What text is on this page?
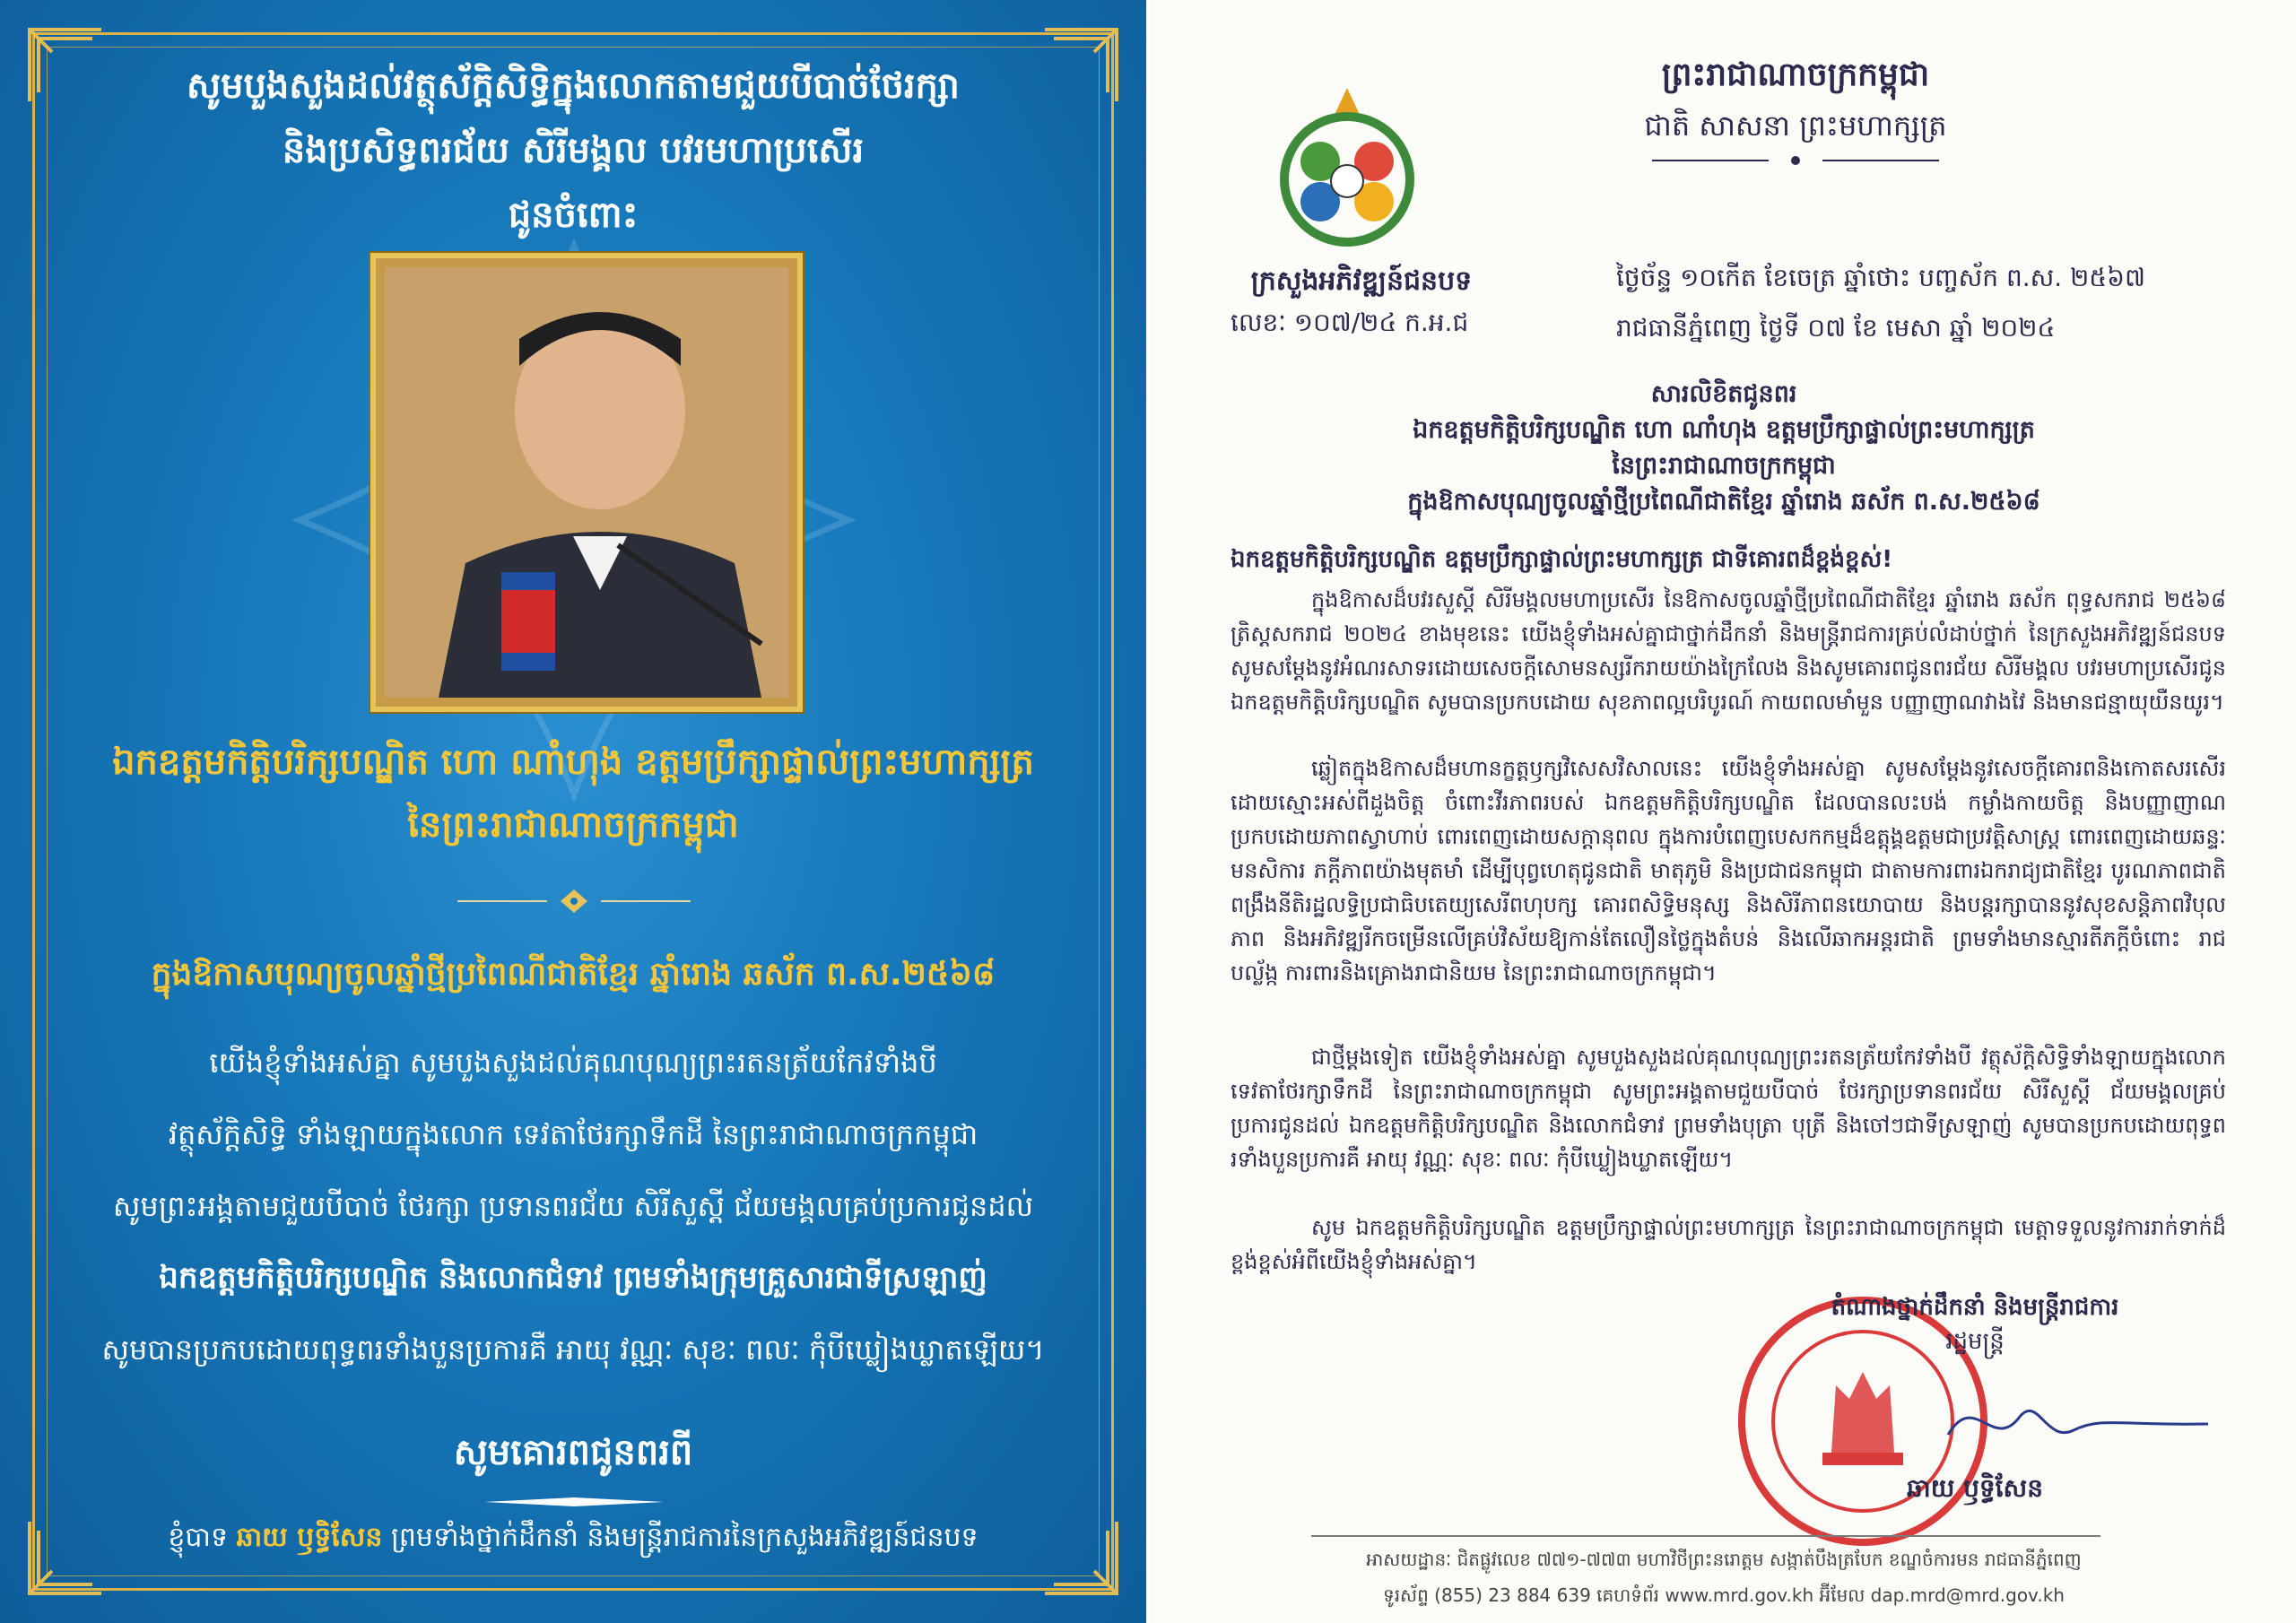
សូមបួងសួងដល់វត្ថុស័ក្តិសិទ្ធិក្នុងលោកតាមជួយបីបាច់ថែរក្សា
និងប្រសិទ្ធពរជ័យ សិរីមង្គល បវរមហាប្រសើរ
ជូនចំពោះ
ឯកឧត្តមកិត្តិបរិក្សបណ្ឌិត ហោ ណាំហុង ឧត្តមប្រឹក្សាផ្ទាល់ព្រះមហាក្សត្រ
នៃព្រះរាជាណាចក្រកម្ពុជា
ក្នុងឱកាសបុណ្យចូលឆ្នាំថ្មីប្រពៃណីជាតិខ្មែរ ឆ្នាំរោង ឆស័ក ព.ស.២៥៦៨
យើងខ្ញុំទាំងអស់គ្នា សូមបួងសួងដល់គុណបុណ្យព្រះរតនត្រ័យកែវទាំងបី
វត្ថុស័ក្តិសិទ្ធិ ទាំងឡាយក្នុងលោក ទេវតាថែរក្សាទឹកដី នៃព្រះរាជាណាចក្រកម្ពុជា
សូមព្រះអង្គតាមជួយបីបាច់ ថែរក្សា ប្រទានពរជ័យ សិរីសួស្តី ជ័យមង្គលគ្រប់ប្រការជូនដល់
ឯកឧត្តមកិត្តិបរិក្សបណ្ឌិត និងលោកជំទាវ ព្រមទាំងក្រុមគ្រួសារជាទីស្រឡាញ់
សូមបានប្រកបដោយពុទ្ធពរទាំងបួនប្រការគឺ អាយុ វណ្ណៈ សុខៈ ពលៈ កុំបីឃ្លៀងឃ្លាតឡើយ។
សូមគោរពជូនពរពី
ខ្ញុំបាទ ឆាយ ឫទ្ធិសែន ព្រមទាំងថ្នាក់ដឹកនាំ និងមន្ត្រីរាជការនៃក្រសួងអភិវឌ្ឍន៍ជនបទ
ព្រះរាជាណាចក្រកម្ពុជា
ជាតិ សាសនា ព្រះមហាក្សត្រ
ក្រសួងអភិវឌ្ឍន៍ជនបទ	ថ្ងៃច័ន្ទ ១០កើត ខែចេត្រ ឆ្នាំថោះ បញ្ចស័ក ព.ស. ២៥៦៧
លេខៈ ១០៧/២៤ ក.អ.ជ	រាជធានីភ្នំពេញ ថ្ងៃទី ០៧ ខែ មេសា ឆ្នាំ ២០២៤
សារលិខិតជូនពរ
ឯកឧត្តមកិត្តិបរិក្សបណ្ឌិត ហោ ណាំហុង ឧត្តមប្រឹក្សាផ្ទាល់ព្រះមហាក្សត្រ
នៃព្រះរាជាណាចក្រកម្ពុជា
ក្នុងឱកាសបុណ្យចូលឆ្នាំថ្មីប្រពៃណីជាតិខ្មែរ ឆ្នាំរោង ឆស័ក ព.ស.២៥៦៨
ឯកឧត្តមកិត្តិបរិក្សបណ្ឌិត ឧត្តមប្រឹក្សាផ្ទាល់ព្រះមហាក្សត្រ ជាទីគោរពដ៏ខ្ពង់ខ្ពស់!
ក្នុងឱកាសដ៏បវរសួស្តី សិរីមង្គលមហាប្រសើរ នៃឱកាសចូលឆ្នាំថ្មីប្រពៃណីជាតិខ្មែរ ឆ្នាំរោង ឆស័ក ពុទ្ធសករាជ ២៥៦៨ ត្រិស្ដសករាជ ២០២៤ ខាងមុខនេះ យើងខ្ញុំទាំងអស់គ្នាជាថ្នាក់ដឹកនាំ និងមន្ត្រីរាជការគ្រប់លំដាប់ថ្នាក់ នៃក្រសួងអភិវឌ្ឍន៍ជនបទ សូមសម្ដែងនូវអំណរសាទរដោយសេចក្ដីសោមនស្សរីករាយយ៉ាងក្រៃលែង និងសូមគោរពជូនពរជ័យ សិរីមង្គល បវរមហាប្រសើរជូន ឯកឧត្តមកិត្តិបរិក្សបណ្ឌិត សូមបានប្រកបដោយ សុខភាពល្អបរិបូរណ៍ កាយពលមាំមួន បញ្ញាញាណវាងវៃ និងមានជន្មាយុយឺនយូរ។
ឆ្លៀតក្នុងឱកាសដ៏មហានក្ខត្តឫក្សវិសេសវិសាលនេះ យើងខ្ញុំទាំងអស់គ្នា សូមសម្ដែងនូវសេចក្ដីគោរពនិងកោតសរសើរដោយស្មោះអស់ពីដួងចិត្ត ចំពោះវីរភាពរបស់ ឯកឧត្តមកិត្តិបរិក្សបណ្ឌិត ដែលបានលះបង់ កម្លាំងកាយចិត្ត និងបញ្ញាញាណ ប្រកបដោយភាពស្វាហាប់ ពោរពេញដោយសក្ដានុពល ក្នុងការបំពេញបេសកកម្មដ៏ឧត្ដុង្គឧត្ដមជាប្រវត្តិសាស្ត្រ ពោរពេញដោយឆន្ទៈ មនសិការ ភក្ដីភាពយ៉ាងមុតមាំ ដើម្បីបុព្វហេតុជូនជាតិ មាតុភូមិ និងប្រជាជនកម្ពុជា ជាតាមការពារឯករាជ្យជាតិខ្មែរ បូរណភាពជាតិ ពង្រឹងនីតិរដ្ឋលទ្ធិប្រជាធិបតេយ្យសេរីពហុបក្ស គោរពសិទ្ធិមនុស្ស និងសិរីភាពនយោបាយ និងបន្តរក្សាបាននូវសុខសន្តិភាពវិបុលភាព និងអភិវឌ្ឍរីកចម្រើនលើគ្រប់វិស័យឱ្យកាន់តែលឿនថ្លៃក្នុងតំបន់ និងលើឆាកអន្តរជាតិ ព្រមទាំងមានស្មារតីភក្ដីចំពោះ រាជបល្ល័ង្ក ការពារនិងគ្រោងរាជានិយម នៃព្រះរាជាណាចក្រកម្ពុជា។
ជាថ្មីម្ដងទៀត យើងខ្ញុំទាំងអស់គ្នា សូមបួងសួងដល់គុណបុណ្យព្រះរតនត្រ័យកែវទាំងបី វត្ថុស័ក្តិសិទ្ធិទាំងឡាយក្នុងលោក ទេវតាថែរក្សាទឹកដី នៃព្រះរាជាណាចក្រកម្ពុជា សូមព្រះអង្គតាមជួយបីបាច់ ថែរក្សាប្រទានពរជ័យ សិរីសួស្តី ជ័យមង្គលគ្រប់ប្រការជូនដល់ ឯកឧត្តមកិត្តិបរិក្សបណ្ឌិត និងលោកជំទាវ ព្រមទាំងបុត្រា បុត្រី និងចៅៗជាទីស្រឡាញ់ សូមបានប្រកបដោយពុទ្ធពរទាំងបួនប្រការគឺ អាយុ វណ្ណៈ សុខៈ ពលៈ កុំបីឃ្លៀងឃ្លាតឡើយ។
សូម ឯកឧត្តមកិត្តិបរិក្សបណ្ឌិត ឧត្តមប្រឹក្សាផ្ទាល់ព្រះមហាក្សត្រ នៃព្រះរាជាណាចក្រកម្ពុជា មេត្តាទទួលនូវការរាក់ទាក់ដ៏ខ្ពង់ខ្ពស់អំពីយើងខ្ញុំទាំងអស់គ្នា។
តំណាងថ្នាក់ដឹកនាំ និងមន្ត្រីរាជការ
រដ្ឋមន្ត្រី
ឆាយ ឫទ្ធិសែន
អាសយដ្ឋានៈ ជិតផ្លូវលេខ ៧៧១-៧៧៣ មហាវិថីព្រះនរោត្តម សង្កាត់បឹងត្របែក ខណ្ឌចំការមន រាជធានីភ្នំពេញ
ទូរស័ព្ទ (855) 23 884 639 គេហទំព័រ www.mrd.gov.kh អ៊ីមែល dap.mrd@mrd.gov.kh
